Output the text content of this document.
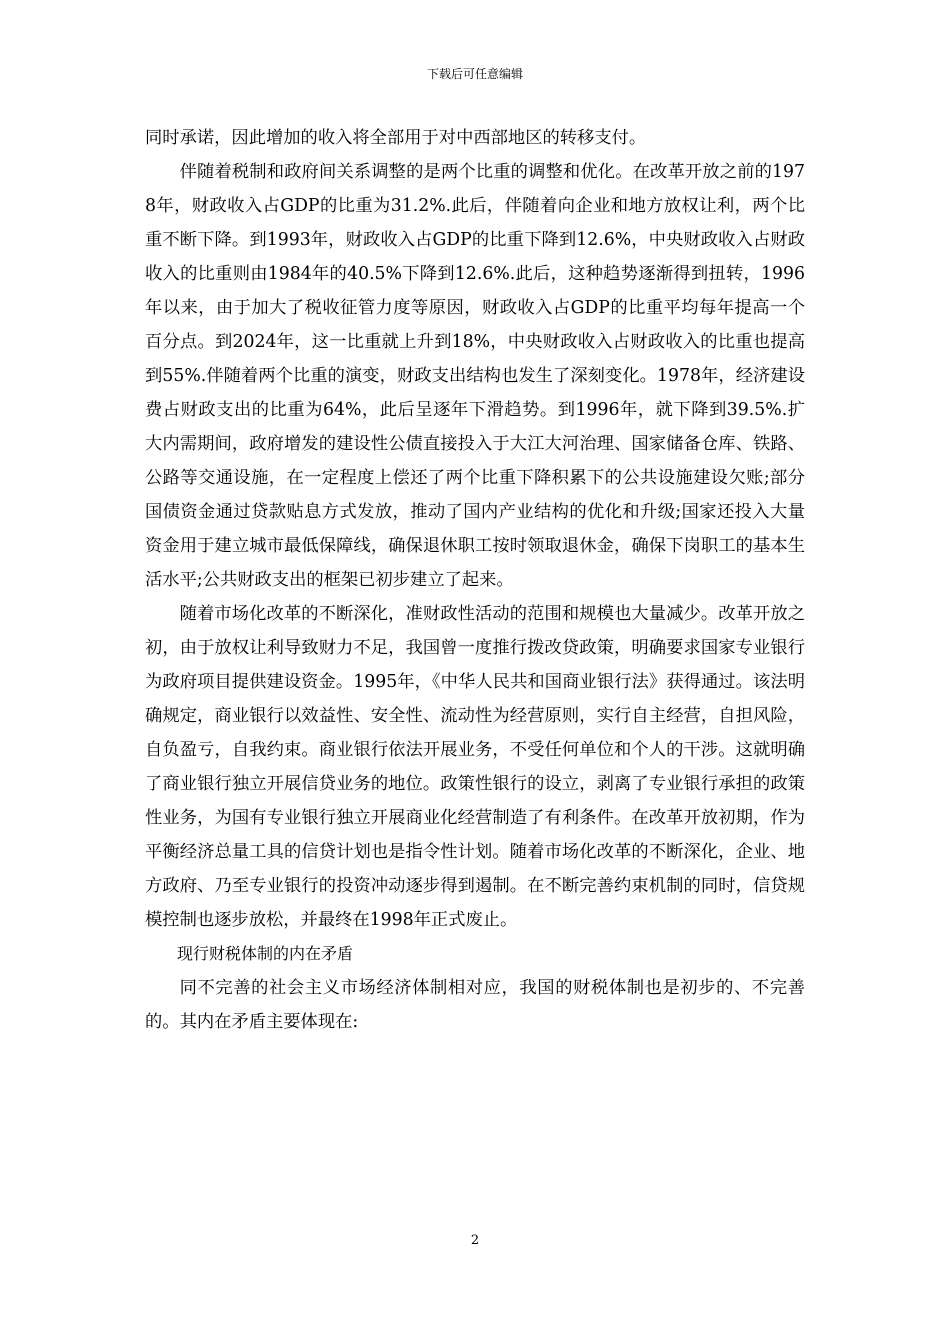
下载后可任意编辑

同时承诺，因此增加的收入将全部用于对中西部地区的转移支付。

伴随着税制和政府间关系调整的是两个比重的调整和优化。在改革开放之前的1978年，财政收入占GDP的比重为31.2%.此后，伴随着向企业和地方放权让利，两个比重不断下降。到1993年，财政收入占GDP的比重下降到12.6%，中央财政收入占财政收入的比重则由1984年的40.5%下降到12.6%.此后，这种趋势逐渐得到扭转，1996年以来，由于加大了税收征管力度等原因，财政收入占GDP的比重平均每年提高一个百分点。到2024年，这一比重就上升到18%，中央财政收入占财政收入的比重也提高到55%.伴随着两个比重的演变，财政支出结构也发生了深刻变化。1978年，经济建设费占财政支出的比重为64%，此后呈逐年下滑趋势。到1996年，就下降到39.5%.扩大内需期间，政府增发的建设性公债直接投入于大江大河治理、国家储备仓库、铁路、公路等交通设施，在一定程度上偿还了两个比重下降积累下的公共设施建设欠账;部分国债资金通过贷款贴息方式发放，推动了国内产业结构的优化和升级;国家还投入大量资金用于建立城市最低保障线，确保退休职工按时领取退休金，确保下岗职工的基本生活水平;公共财政支出的框架已初步建立了起来。

随着市场化改革的不断深化，准财政性活动的范围和规模也大量减少。改革开放之初，由于放权让利导致财力不足，我国曾一度推行拨改贷政策，明确要求国家专业银行为政府项目提供建设资金。1995年，《中华人民共和国商业银行法》获得通过。该法明确规定，商业银行以效益性、安全性、流动性为经营原则，实行自主经营，自担风险，自负盈亏，自我约束。商业银行依法开展业务，不受任何单位和个人的干涉。这就明确了商业银行独立开展信贷业务的地位。政策性银行的设立，剥离了专业银行承担的政策性业务，为国有专业银行独立开展商业化经营制造了有利条件。在改革开放初期，作为平衡经济总量工具的信贷计划也是指令性计划。随着市场化改革的不断深化，企业、地方政府、乃至专业银行的投资冲动逐步得到遏制。在不断完善约束机制的同时，信贷规模控制也逐步放松，并最终在1998年正式废止。

现行财税体制的内在矛盾

同不完善的社会主义市场经济体制相对应，我国的财税体制也是初步的、不完善的。其内在矛盾主要体现在:

2
